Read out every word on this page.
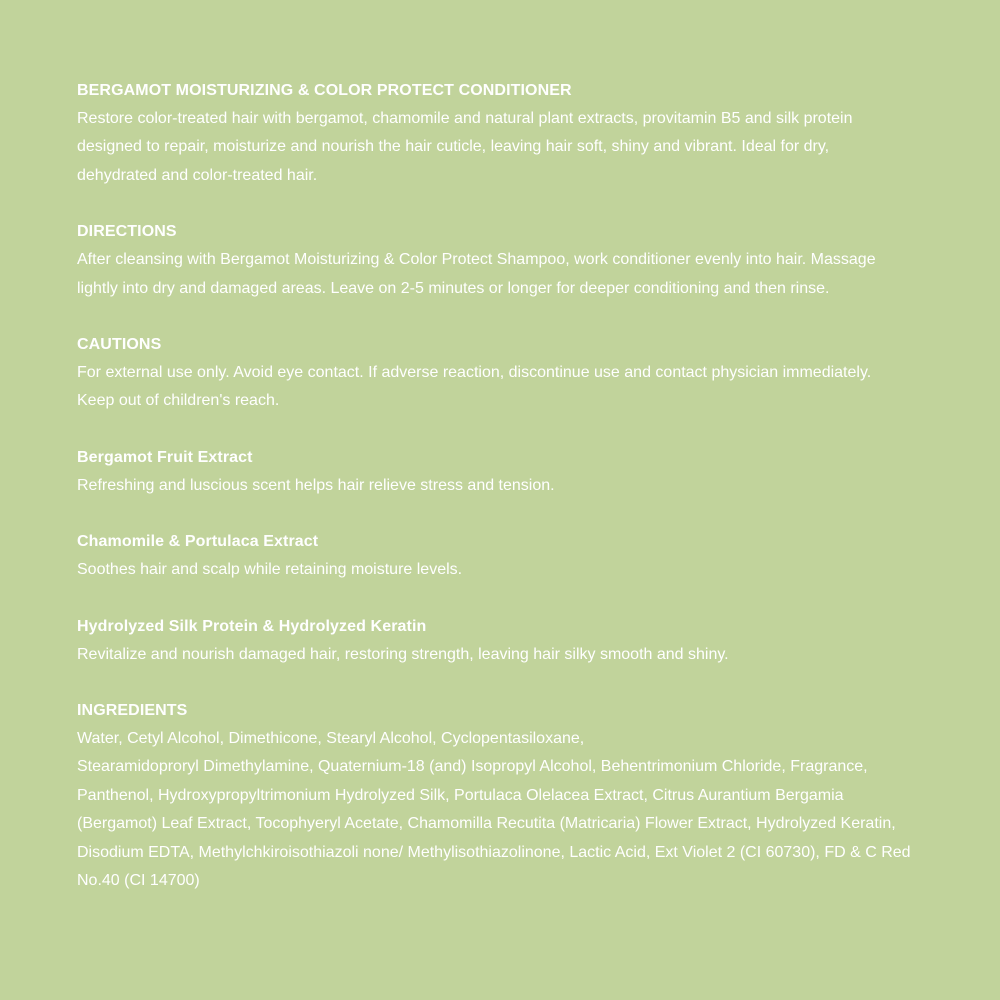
BERGAMOT MOISTURIZING & COLOR PROTECT CONDITIONER

Restore color-treated hair with bergamot, chamomile and natural plant extracts, provitamin B5 and silk protein
designed to repair, moisturize and nourish the hair cuticle, leaving hair soft, shiny and vibrant. Ideal for dry,
dehydrated and color-treated hair.

DIRECTIONS

After cleansing with Bergamot Moisturizing & Color Protect Shampoo, work conditioner evenly into hair. Massage
lightly into dry and damaged areas. Leave on 2-5 minutes or longer for deeper conditioning and then rinse.

CAUTIONS

For external use only. Avoid eye contact. If adverse reaction, discontinue use and contact physician immediately.
Keep out of children's reach.

Bergamot Fruit Extract

Refreshing and luscious scent helps hair relieve stress and tension.

Chamomile & Portulaca Extract

Soothes hair and scalp while retaining moisture levels.

Hydrolyzed Silk Protein & Hydrolyzed Keratin

Revitalize and nourish damaged hair, restoring strength, leaving hair silky smooth and shiny.

INGREDIENTS

Water, Cetyl Alcohol, Dimethicone, Stearyl Alcohol, Cyclopentasiloxane,
Stearamidoproryl Dimethylamine, Quaternium-18 (and) Isopropyl Alcohol, Behentrimonium Chloride, Fragrance,
Panthenol, Hydroxypropyltrimonium Hydrolyzed Silk, Portulaca Olelacea Extract, Citrus Aurantium Bergamia
(Bergamot) Leaf Extract, Tocophyeryl Acetate, Chamomilla Recutita (Matricaria) Flower Extract, Hydrolyzed Keratin,
Disodium EDTA, Methylchkiroisothiazoli none/ Methylisothiazolinone, Lactic Acid, Ext Violet 2 (CI 60730), FD & C Red
No.40 (CI 14700)
